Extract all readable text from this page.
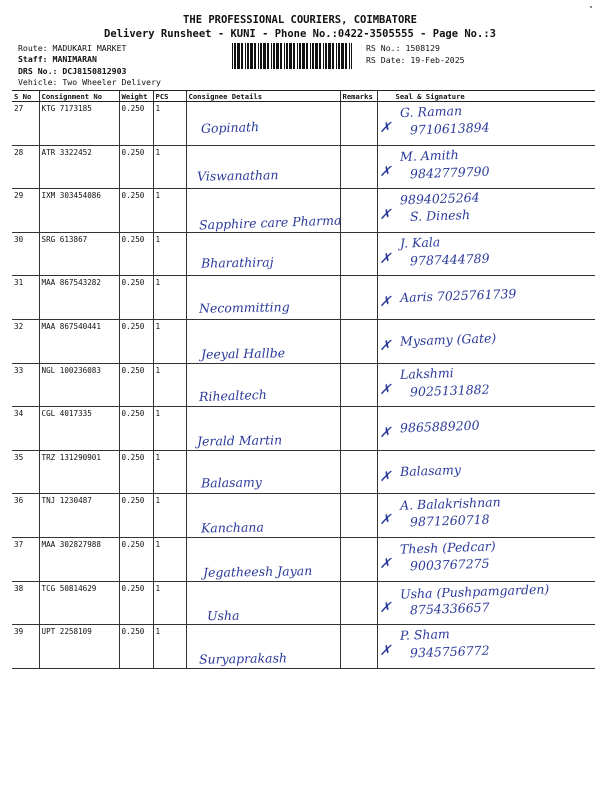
THE PROFESSIONAL COURIERS, COIMBATORE
Delivery Runsheet - KUNI - Phone No.:0422-3505555 - Page No.:3
Route: MADUKARI MARKET
Staff: MANIMARAN
DRS No.: DCJ8150812903
Vehicle: Two Wheeler Delivery
RS No.: 1508129
RS Date: 19-Feb-2025
S No	Consignment No	Weight	PCS	Consignee Details	Remarks	Seal & Signature
27	KTG 7173185	0.250	1	Gopinath		✗
G. Raman
9710613894

28	ATR 3322452	0.250	1	Viswanathan		✗
M. Amith
9842779790

29	IXM 303454086	0.250	1	Sapphire care Pharma		✗
9894025264
S. Dinesh

30	SRG 613867	0.250	1	Bharathiraj		✗
J. Kala
9787444789

31	MAA 867543282	0.250	1	Necommitting		✗ Aaris 7025761739

32	MAA 867540441	0.250	1	Jeeyal Hallbe		✗ Mysamy (Gate)

33	NGL 100236083	0.250	1	Rihealtech		✗
Lakshmi
9025131882

34	CGL 4017335	0.250	1	Jerald Martin		✗ 9865889200

35	TRZ 131290901	0.250	1	Balasamy		✗ Balasamy

36	TNJ 1230487	0.250	1	Kanchana		✗
A. Balakrishnan
9871260718

37	MAA 302827988	0.250	1	Jegatheesh Jayan		✗
Thesh (Pedcar)
9003767275

38	TCG 50814629	0.250	1	Usha		✗
Usha (Pushpamgarden)
8754336657

39	UPT 2258109	0.250	1	Suryaprakash		✗
P. Sham
9345756772
